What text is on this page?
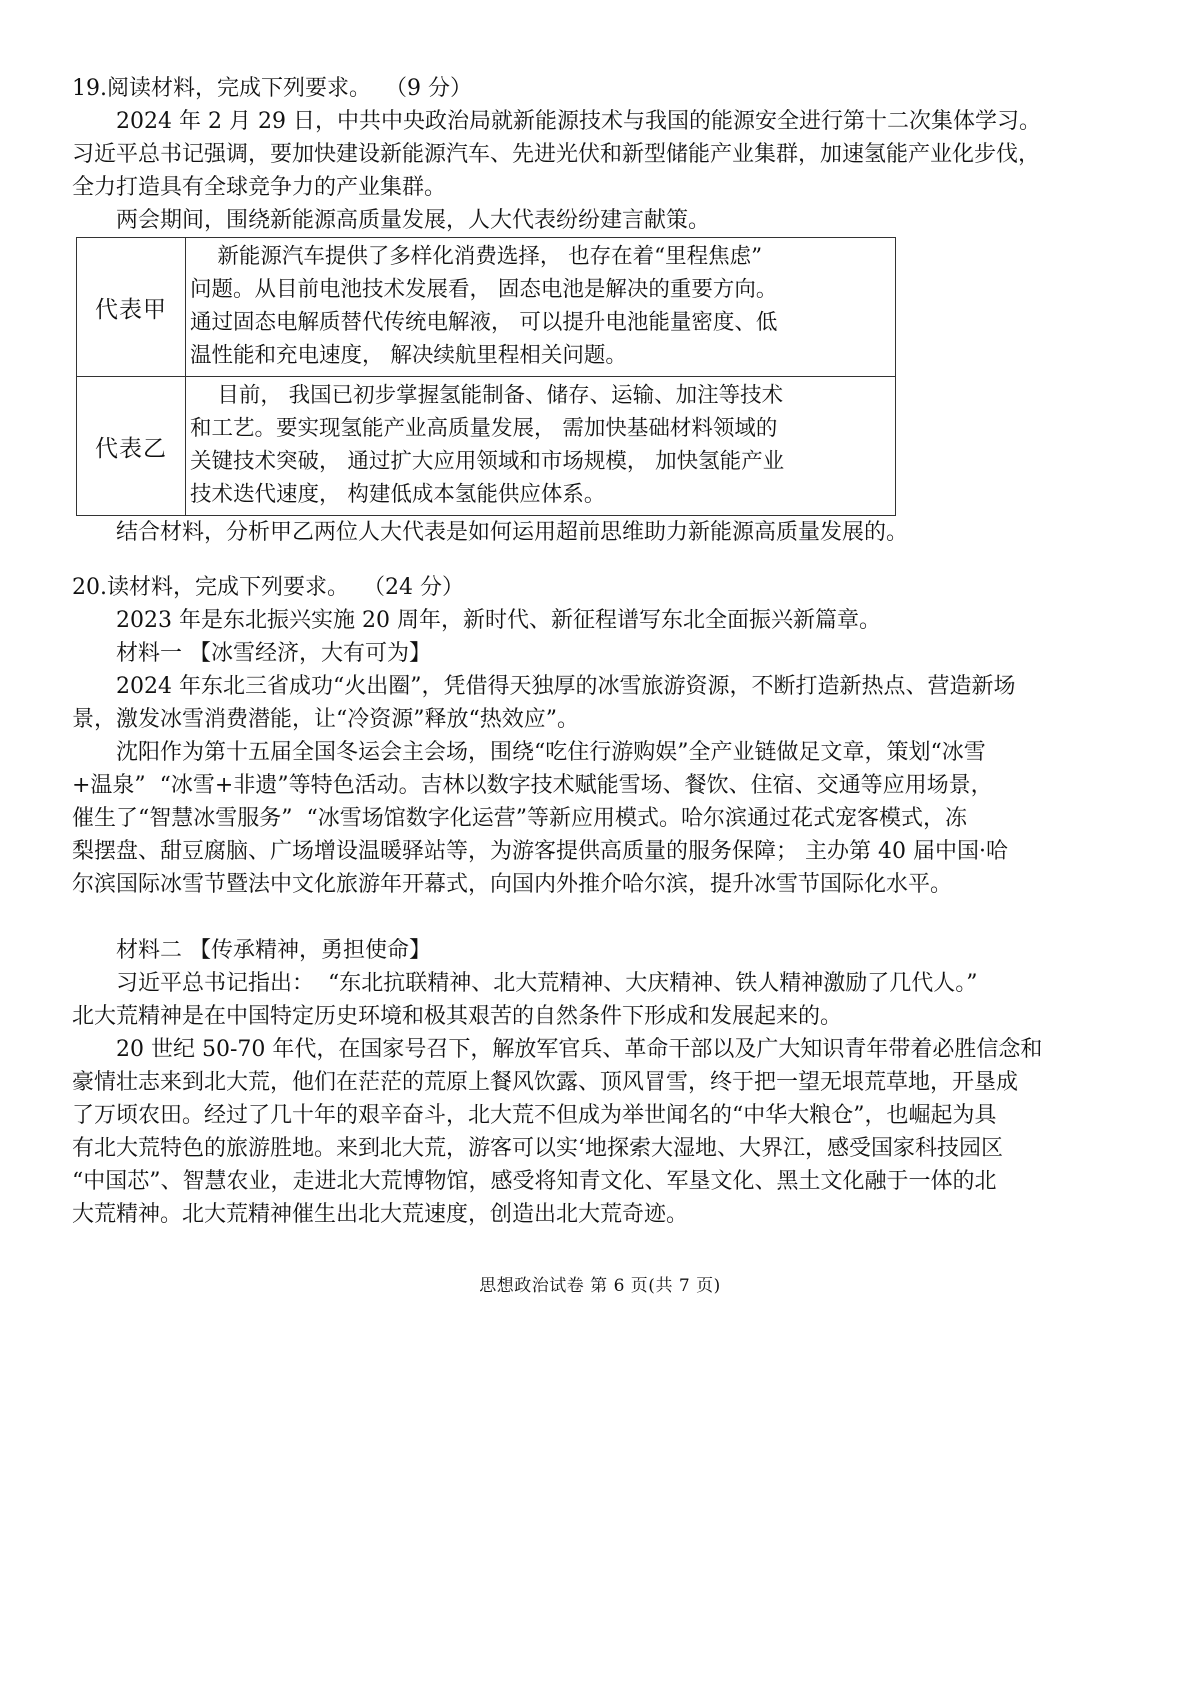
19.阅读材料，完成下列要求。  （9 分）

2024 年 2 月 29 日，中共中央政治局就新能源技术与我国的能源安全进行第十二次集体学习。

习近平总书记强调，要加快建设新能源汽车、先进光伏和新型储能产业集群，加速氢能产业化步伐，

全力打造具有全球竞争力的产业集群。

两会期间，围绕新能源高质量发展，人大代表纷纷建言献策。

代表甲	新能源汽车提供了多样化消费选择， 也存在着“里程焦虑”

问题。从目前电池技术发展看， 固态电池是解决的重要方向。

通过固态电解质替代传统电解液， 可以提升电池能量密度、低

温性能和充电速度， 解决续航里程相关问题。

代表乙	目前， 我国已初步掌握氢能制备、储存、运输、加注等技术

和工艺。要实现氢能产业高质量发展， 需加快基础材料领域的

关键技术突破， 通过扩大应用领域和市场规模， 加快氢能产业

技术迭代速度， 构建低成本氢能供应体系。

结合材料，分析甲乙两位人大代表是如何运用超前思维助力新能源高质量发展的。

20.读材料，完成下列要求。  （24 分）

2023 年是东北振兴实施 20 周年，新时代、新征程谱写东北全面振兴新篇章。

材料一 【冰雪经济，大有可为】

2024 年东北三省成功“火出圈”，凭借得天独厚的冰雪旅游资源，不断打造新热点、营造新场

景，激发冰雪消费潜能，让“冷资源”释放“热效应”。

沈阳作为第十五届全国冬运会主会场，围绕“吃住行游购娱”全产业链做足文章，策划“冰雪

+温泉”  “冰雪+非遗”等特色活动。吉林以数字技术赋能雪场、餐饮、住宿、交通等应用场景，

催生了“智慧冰雪服务”  “冰雪场馆数字化运营”等新应用模式。哈尔滨通过花式宠客模式，冻

梨摆盘、甜豆腐脑、广场增设温暖驿站等，为游客提供高质量的服务保障； 主办第 40 届中国·哈

尔滨国际冰雪节暨法中文化旅游年开幕式，向国内外推介哈尔滨，提升冰雪节国际化水平。

材料二 【传承精神，勇担使命】

习近平总书记指出：  “东北抗联精神、北大荒精神、大庆精神、铁人精神激励了几代人。”

北大荒精神是在中国特定历史环境和极其艰苦的自然条件下形成和发展起来的。

20 世纪 50-70 年代，在国家号召下，解放军官兵、革命干部以及广大知识青年带着必胜信念和

豪情壮志来到北大荒，他们在茫茫的荒原上餐风饮露、顶风冒雪，终于把一望无垠荒草地，开垦成

了万顷农田。经过了几十年的艰辛奋斗，北大荒不但成为举世闻名的“中华大粮仓”，也崛起为具

有北大荒特色的旅游胜地。来到北大荒，游客可以实‘地探索大湿地、大界江，感受国家科技园区

“中国芯”、智慧农业，走进北大荒博物馆，感受将知青文化、军垦文化、黑土文化融于一体的北

大荒精神。北大荒精神催生出北大荒速度，创造出北大荒奇迹。

思想政治试卷 第 6 页(共 7 页)
